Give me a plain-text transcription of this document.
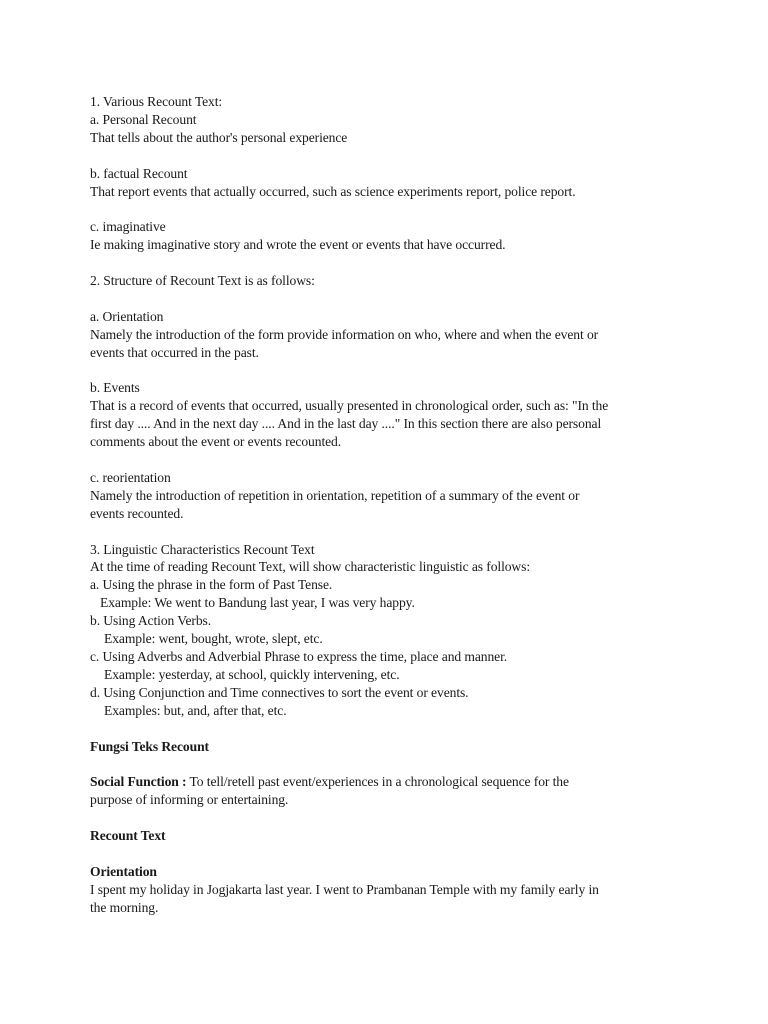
1. Various Recount Text:
a. Personal Recount
That tells about the author's personal experience
b. factual Recount
That report events that actually occurred, such as science experiments report, police report.
c. imaginative
Ie making imaginative story and wrote the event or events that have occurred.
2. Structure of Recount Text is as follows:
a. Orientation
Namely the introduction of the form provide information on who, where and when the event or
events that occurred in the past.
b. Events
That is a record of events that occurred, usually presented in chronological order, such as: "In the
first day .... And in the next day .... And in the last day ...." In this section there are also personal
comments about the event or events recounted.
c. reorientation
Namely the introduction of repetition in orientation, repetition of a summary of the event or
events recounted.
3. Linguistic Characteristics Recount Text
At the time of reading Recount Text, will show characteristic linguistic as follows:
a. Using the phrase in the form of Past Tense.
Example: We went to Bandung last year, I was very happy.
b. Using Action Verbs.
Example: went, bought, wrote, slept, etc.
c. Using Adverbs and Adverbial Phrase to express the time, place and manner.
Example: yesterday, at school, quickly intervening, etc.
d. Using Conjunction and Time connectives to sort the event or events.
Examples: but, and, after that, etc.
Fungsi Teks Recount
Social Function : To tell/retell past event/experiences in a chronological sequence for the
purpose of informing or entertaining.
Recount Text
Orientation
I spent my holiday in Jogjakarta last year. I went to Prambanan Temple with my family early in
the morning.
